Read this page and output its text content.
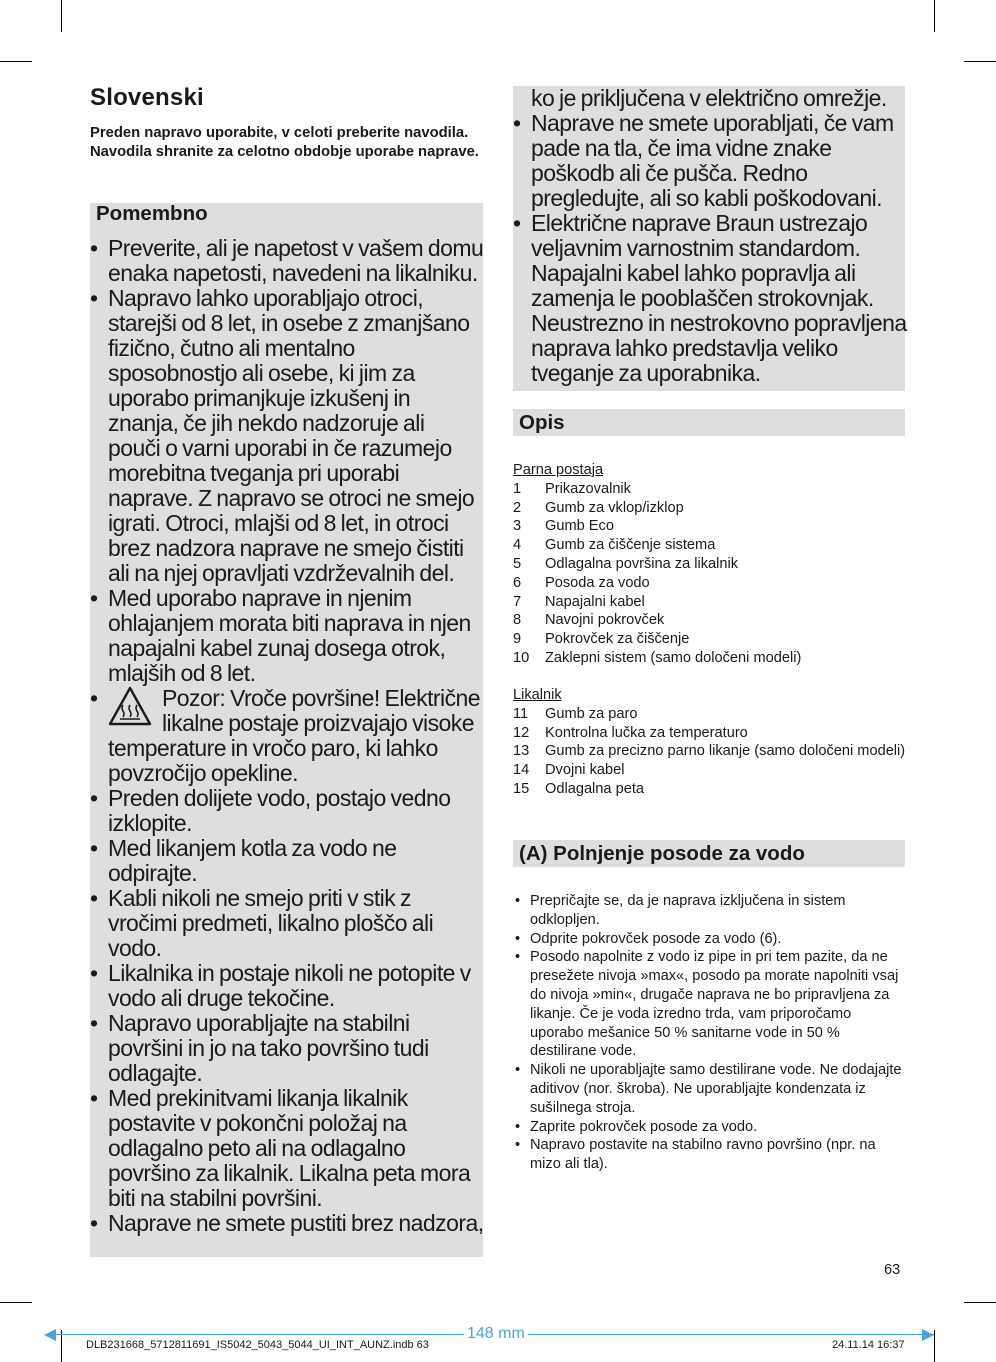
Slovenski
Preden napravo uporabite, v celoti preberite navodila. Navodila shranite za celotno obdobje uporabe naprave.
Pomembno
• Preverite, ali je napetost v vašem domu
enaka napetosti, navedeni na likalniku.
• Napravo lahko uporabljajo otroci,
starejši od 8 let, in osebe z zmanjšano
fizično, čutno ali mentalno
sposobnostjo ali osebe, ki jim za
uporabo primanjkuje izkušenj in
znanja, če jih nekdo nadzoruje ali
pouči o varni uporabi in če razumejo
morebitna tveganja pri uporabi
naprave. Z napravo se otroci ne smejo
igrati. Otroci, mlajši od 8 let, in otroci
brez nadzora naprave ne smejo čistiti
ali na njej opravljati vzdrževalnih del.
• Med uporabo naprave in njenim
ohlajanjem morata biti naprava in njen
napajalni kabel zunaj dosega otrok,
mlajših od 8 let.
•	Pozor: Vroče površine! Električne
likalne postaje proizvajajo visoke
temperature in vročo paro, ki lahko
povzročijo opekline.
• Preden dolijete vodo, postajo vedno
izklopite.
• Med likanjem kotla za vodo ne
odpirajte.
• Kabli nikoli ne smejo priti v stik z
vročimi predmeti, likalno ploščo ali
vodo.
• Likalnika in postaje nikoli ne potopite v
vodo ali druge tekočine.
• Napravo uporabljajte na stabilni
površini in jo na tako površino tudi
odlagajte.
• Med prekinitvami likanja likalnik
postavite v pokončni položaj na
odlagalno peto ali na odlagalno
površino za likalnik. Likalna peta mora
biti na stabilni površini.
• Naprave ne smete pustiti brez nadzora,
ko je priključena v električno omrežje.
• Naprave ne smete uporabljati, če vam
pade na tla, če ima vidne znake
poškodb ali če pušča. Redno
pregledujte, ali so kabli poškodovani.
• Električne naprave Braun ustrezajo
veljavnim varnostnim standardom.
Napajalni kabel lahko popravlja ali
zamenja le pooblaščen strokovnjak.
Neustrezno in nestrokovno popravljena
naprava lahko predstavlja veliko
tveganje za uporabnika.
Opis
Parna postaja
1	Prikazovalnik
2	Gumb za vklop/izklop
3	Gumb Eco
4	Gumb za čiščenje sistema
5	Odlagalna površina za likalnik
6	Posoda za vodo
7	Napajalni kabel
8	Navojni pokrovček
9	Pokrovček za čiščenje
10	Zaklepni sistem (samo določeni modeli)
Likalnik
11	Gumb za paro
12	Kontrolna lučka za temperaturo
13	Gumb za precizno parno likanje (samo določeni modeli)
14	Dvojni kabel
15	Odlagalna peta
(A) Polnjenje posode za vodo
• Prepričajte se, da je naprava izključena in sistem odklopljen.
• Odprite pokrovček posode za vodo (6).
• Posodo napolnite z vodo iz pipe in pri tem pazite, da ne presežete nivoja »max«, posodo pa morate napolniti vsaj do nivoja »min«, drugače naprava ne bo pripravljena za likanje. Če je voda izredno trda, vam priporočamo uporabo mešanice 50 % sanitarne vode in 50 % destilirane vode.
• Nikoli ne uporabljajte samo destilirane vode. Ne dodajajte aditivov (nor. škroba). Ne uporabljajte kondenzata iz sušilnega stroja.
• Zaprite pokrovček posode za vodo.
• Napravo postavite na stabilno ravno površino (npr. na mizo ali tla).
63
148 mm
DLB231668_5712811691_IS5042_5043_5044_UI_INT_AUNZ.indb 63	24.11.14 16:37
